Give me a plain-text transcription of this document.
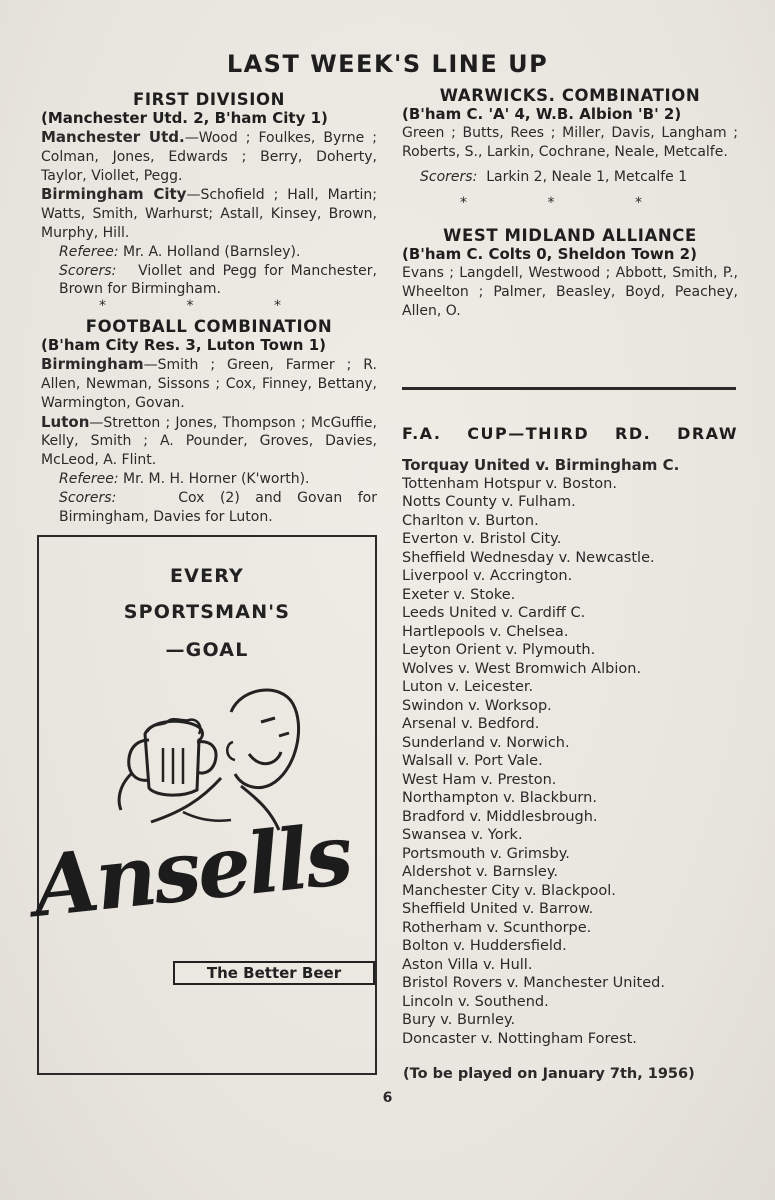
LAST WEEK'S LINE UP

FIRST DIVISION

(Manchester Utd. 2, B'ham City 1)

Manchester Utd.—Wood ; Foulkes, Byrne ; Colman, Jones, Edwards ; Berry, Doherty, Taylor, Viollet, Pegg.

Birmingham City—Schofield ; Hall, Martin; Watts, Smith, Warhurst; Astall, Kinsey, Brown, Murphy, Hill.

Referee: Mr. A. Holland (Barnsley).

Scorers: Viollet and Pegg for Manchester, Brown for Birmingham.

* * *

FOOTBALL COMBINATION

(B'ham City Res. 3, Luton Town 1)

Birmingham—Smith ; Green, Farmer ; R. Allen, Newman, Sissons ; Cox, Finney, Bettany, Warmington, Govan.

Luton—Stretton ; Jones, Thompson ; McGuffie, Kelly, Smith ; A. Pounder, Groves, Davies, McLeod, A. Flint.

Referee: Mr. M. H. Horner (K'worth).

Scorers:	Cox (2) and Govan for Birmingham, Davies for Luton.

EVERY
SPORTSMAN'S
—GOAL
Ansells
The Better Beer

WARWICKS. COMBINATION

(B'ham C. 'A' 4, W.B. Albion 'B' 2)

Green ; Butts, Rees ; Miller, Davis, Langham ; Roberts, S., Larkin, Cochrane, Neale, Metcalfe.

Scorers: Larkin 2, Neale 1, Metcalfe 1

* * *

WEST MIDLAND ALLIANCE

(B'ham C. Colts 0, Sheldon Town 2)

Evans ; Langdell, Westwood ; Abbott, Smith, P., Wheelton ; Palmer, Beasley, Boyd, Peachey, Allen, O.

F.A. CUP—THIRD RD. DRAW

Torquay United v. Birmingham C.

Tottenham Hotspur v. Boston.

Notts County v. Fulham.

Charlton v. Burton.

Everton v. Bristol City.

Sheffield Wednesday v. Newcastle.

Liverpool v. Accrington.

Exeter v. Stoke.

Leeds United v. Cardiff C.

Hartlepools v. Chelsea.

Leyton Orient v. Plymouth.

Wolves v. West Bromwich Albion.

Luton v. Leicester.

Swindon v. Worksop.

Arsenal v. Bedford.

Sunderland v. Norwich.

Walsall v. Port Vale.

West Ham v. Preston.

Northampton v. Blackburn.

Bradford v. Middlesbrough.

Swansea v. York.

Portsmouth v. Grimsby.

Aldershot v. Barnsley.

Manchester City v. Blackpool.

Sheffield United v. Barrow.

Rotherham v. Scunthorpe.

Bolton v. Huddersfield.

Aston Villa v. Hull.

Bristol Rovers v. Manchester United.

Lincoln v. Southend.

Bury v. Burnley.

Doncaster v. Nottingham Forest.

(To be played on January 7th, 1956)
6
